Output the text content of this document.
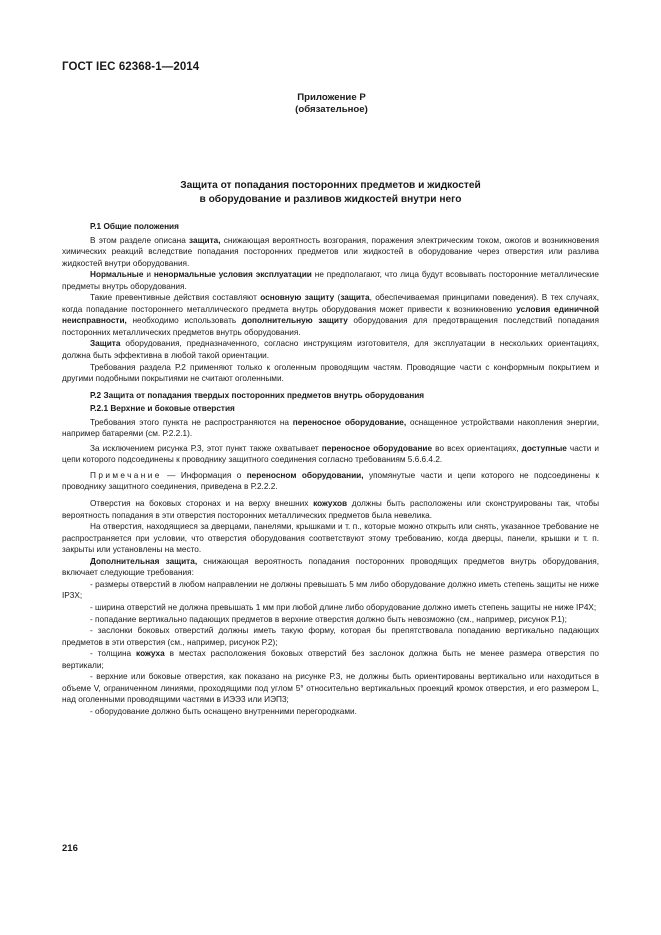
ГОСТ IEC 62368-1—2014
Приложение Р
(обязательное)
Защита от попадания посторонних предметов и жидкостей
в оборудование и разливов жидкостей внутри него

Р.1 Общие положения

В этом разделе описана защита, снижающая вероятность возгорания, поражения электрическим током, ожогов и возникновения химических реакций вследствие попадания посторонних предметов или жидкостей в оборудование через отверстия или разлива жидкостей внутри оборудования.

Нормальные и ненормальные условия эксплуатации не предполагают, что лица будут всовывать посторонние металлические предметы внутрь оборудования.

Такие превентивные действия составляют основную защиту (защита, обеспечиваемая принципами поведения). В тех случаях, когда попадание постороннего металлического предмета внутрь оборудования может привести к возникновению условия единичной неисправности, необходимо использовать дополнительную защиту оборудования для предотвращения последствий попадания посторонних металлических предметов внутрь оборудования.

Защита оборудования, предназначенного, согласно инструкциям изготовителя, для эксплуатации в нескольких ориентациях, должна быть эффективна в любой такой ориентации.

Требования раздела Р.2 применяют только к оголенным проводящим частям. Проводящие части с конформным покрытием и другими подобными покрытиями не считают оголенными.

Р.2 Защита от попадания твердых посторонних предметов внутрь оборудования

Р.2.1 Верхние и боковые отверстия

Требования этого пункта не распространяются на переносное оборудование, оснащенное устройствами накопления энергии, например батареями (см. Р.2.2.1).

За исключением рисунка Р.3, этот пункт также охватывает переносное оборудование во всех ориентациях, доступные части и цепи которого подсоединены к проводнику защитного соединения согласно требованиям 5.6.6.4.2.

Примечание — Информация о переносном оборудовании, упомянутые части и цепи которого не подсоединены к проводнику защитного соединения, приведена в Р.2.2.2.

Отверстия на боковых сторонах и на верху внешних кожухов должны быть расположены или сконструированы так, чтобы вероятность попадания в эти отверстия посторонних металлических предметов была невелика.

На отверстия, находящиеся за дверцами, панелями, крышками и т. п., которые можно открыть или снять, указанное требование не распространяется при условии, что отверстия оборудования соответствуют этому требованию, когда дверцы, панели, крышки и т. п. закрыты или установлены на место.

Дополнительная защита, снижающая вероятность попадания посторонних проводящих предметов внутрь оборудования, включает следующие требования:

- размеры отверстий в любом направлении не должны превышать 5 мм либо оборудование должно иметь степень защиты не ниже IP3X;

- ширина отверстий не должна превышать 1 мм при любой длине либо оборудование должно иметь степень защиты не ниже IP4X;

- попадание вертикально падающих предметов в верхние отверстия должно быть невозможно (см., например, рисунок Р.1);

- заслонки боковых отверстий должны иметь такую форму, которая бы препятствовала попаданию вертикально падающих предметов в эти отверстия (см., например, рисунок Р.2);

- толщина кожуха в местах расположения боковых отверстий без заслонок должна быть не менее размера отверстия по вертикали;

- верхние или боковые отверстия, как показано на рисунке Р.3, не должны быть ориентированы вертикально или находиться в объеме V, ограниченном линиями, проходящими под углом 5° относительно вертикальных проекций кромок отверстия, и его размером L, над оголенными проводящими частями в ИЭЭ3 или ИЭП3;

- оборудование должно быть оснащено внутренними перегородками.

216
